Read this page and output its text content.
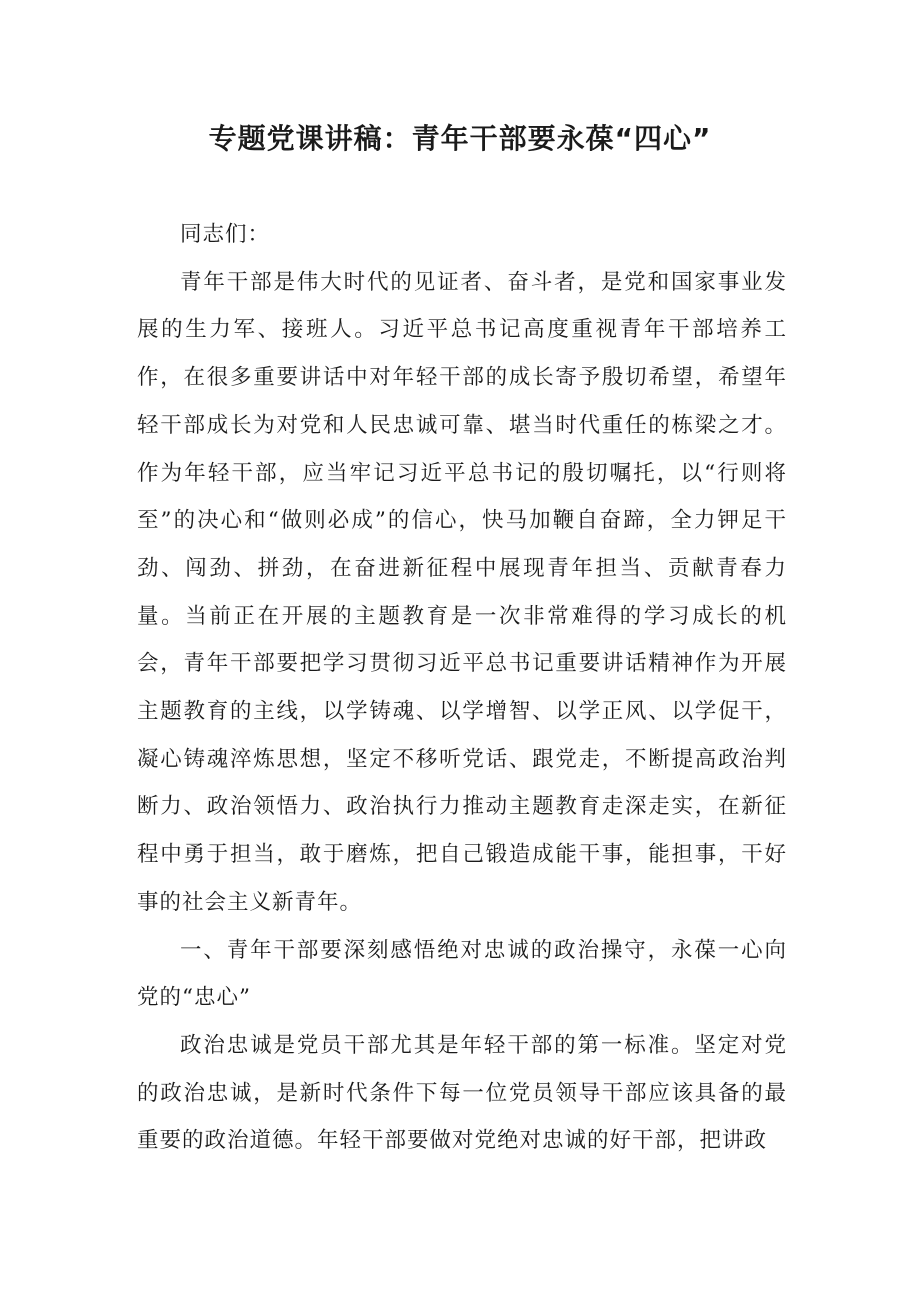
专题党课讲稿：青年干部要永葆“四心”

同志们：

青年干部是伟大时代的见证者、奋斗者，是党和国家事业发展的生力军、接班人。习近平总书记高度重视青年干部培养工作，在很多重要讲话中对年轻干部的成长寄予殷切希望，希望年轻干部成长为对党和人民忠诚可靠、堪当时代重任的栋梁之才。作为年轻干部，应当牢记习近平总书记的殷切嘱托，以“行则将至”的决心和“做则必成”的信心，快马加鞭自奋蹄，全力钾足干劲、闯劲、拼劲，在奋进新征程中展现青年担当、贡献青春力量。当前正在开展的主题教育是一次非常难得的学习成长的机会，青年干部要把学习贯彻习近平总书记重要讲话精神作为开展主题教育的主线，以学铸魂、以学增智、以学正风、以学促干，凝心铸魂淬炼思想，坚定不移听党话、跟党走，不断提高政治判断力、政治领悟力、政治执行力推动主题教育走深走实，在新征程中勇于担当，敢于磨炼，把自己锻造成能干事，能担事，干好事的社会主义新青年。

一、青年干部要深刻感悟绝对忠诚的政治操守，永葆一心向党的“忠心”

政治忠诚是党员干部尤其是年轻干部的第一标准。坚定对党的政治忠诚，是新时代条件下每一位党员领导干部应该具备的最重要的政治道德。年轻干部要做对党绝对忠诚的好干部，把讲政
